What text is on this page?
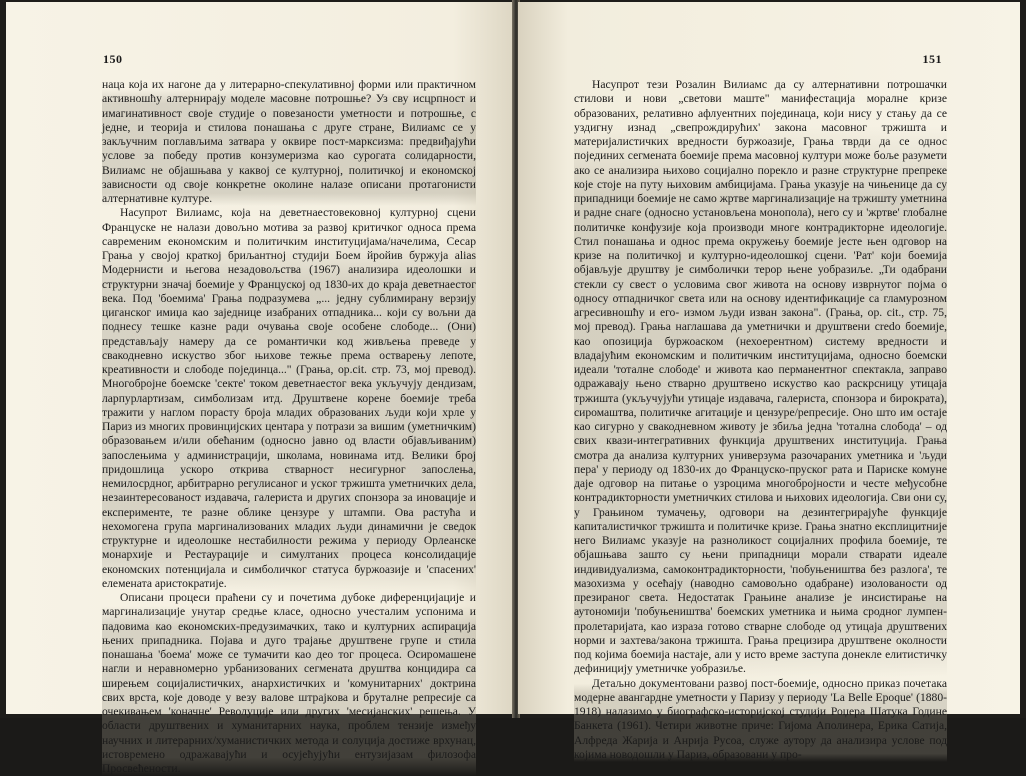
150

наца која их нагоне да у литерарно-спекулативној форми или практичном активношћу алтернирају моделе масовне потрошње? Уз сву исцрпност и имагинативност своје студије о повезаности уметности и потрошње, с једне, и теорија и стилова понашања с друге стране, Вилиамс се у закључним поглављима затвара у оквире пост-марксизма: предвиђајући услове за победу против конзумеризма као сурогата солидарности, Вилиамс не објашњава у каквој се културној, политичкој и економској зависности од своје конкретне околине налазе описани протагонисти алтернативне културе.

Насупрот Вилиамс, која на деветнаестовековној културној сцени Француске не налази довољно мотива за развој критичког односа према савременим економским и политичким институцијама/начелима, Сесар Грања у својој краткој бриљантној студији Боем йройив буржуја alias Модернисти и његова незадовољства (1967) анализира идеолошки и структурни значај боемије у Француској од 1830-их до краја деветнаестог века. Под 'боемима' Грања подразумева „... једну сублимирану верзију циганског имиџа као заједнице изабраних отпадника... који су вољни да поднесу тешке казне ради очувања своје особене слободе... (Они) представљају намеру да се романтички код живљења преведе у свакодневно искуство због њихове тежње према остварењу лепоте, креативности и слободе појединца..." (Грања, op.cit. стр. 73, мој превод). Многобројне боемске 'секте' током деветнаестог века укључују дендизам, ларпурлартизам, симболизам итд. Друштвене корене боемије треба тражити у наглом порасту броја младих образованих људи који хрле у Париз из многих провинцијских центара у потрази за вишим (уметничким) образовањем и/или обећаним (односно јавно од власти објављиваним) запослењима у администрацији, школама, новинама итд. Велики број придошлица ускоро открива стварност несигурног запослења, немилосрдног, арбитрарно регулисаног и уског тржишта уметничких дела, незаинтересованост издавача, галериста и других спонзора за иновације и експерименте, те разне облике цензуре у штампи. Ова растућа и нехомогена група маргинализованих младих људи динамични је сведок структурне и идеолошке нестабилности режима у периоду Орлеанске монархије и Рестаурације и симултаних процеса консолидације економских потенцијала и симболичког статуса буржоазије и 'спасених' елемената аристократије.

Описани процеси праћени су и почетима дубоке диференцијације и маргинализације унутар средње класе, односно учесталим успонима и падовима као економских-предузимачких, тако и културних аспирација њених припадника. Појава и дуго трајање друштвене групе и стила понашања 'боема' може се тумачити као део тог процеса. Осиромашене нагли и неравномерно урбанизованих сегмената друштва концидира са ширењем социјалистичких, анархистичких и 'комунитарних' доктрина свих врста, које доводе у везу валове штрајкова и бруталне репресије са очекивањем 'коначне' Револуције или других 'месијанских' решења. У области друштвених и хуманитарних наука, проблем тензије између научних и литерарних/хуманистичких метода и солуција достиже врхунац, истовремено одражавајући и осујећујући ентузијазам филозофа Просвећености.

151

Насупрот тези Розалин Вилиамс да су алтернативни потрошачки стилови и нови „светови маште" манифестација моралне кризе образованих, релативно афлуентних појединаца, који нису у стању да се уздигну изнад „свепрождирућих' закона масовног тржишта и материјалистичких вредности буржоазије, Грања тврди да се однос појединих сегмената боемије према масовној култури може боље разумети ако се анализира њихово социјално порекло и разне структурне препреке које стоје на путу њиховим амбицијама. Грања указује на чињенице да су припадници боемије не само жртве маргинализације на тржишту уметнина и радне снаге (односно установљена монопола), него су и 'жртве' глобалне политичке конфузије која производи многе контрадикторне идеологије. Стил понашања и однос према окружењу боемије јесте њен одговор на кризе на политичкој и културно-идеолошкој сцени. 'Рат' који боемија објављује друштву је симболички терор њене уобразиље. „Ти одабрани стекли су свест о условима свог живота на основу изврнутог појма о односу отпадничког света или на основу идентификације са гламурозном агресивношћу и его- измом људи изван закона". (Грања, op. cit., стр. 75, мој превод). Грања наглашава да уметнички и друштвени credo боемије, као опозиција буржоаском (нехоерентном) систему вредности и владајућим економским и политичким институцијама, односно боемски идеали 'тоталне слободе' и живота као перманентног спектакла, заправо одражавају њено стварно друштвено искуство као раскрсницу утицаја тржишта (укључујући утицаје издавача, галериста, спонзора и бирократа), сиромаштва, политичке агитације и цензуре/репресије. Оно што им остаје као сигурно у свакодневном животу је збиља једна 'тотална слобода' – од свих квази-интегративних функција друштвених институција. Грања смотра да анализа културних универзума разочараних уметника и 'људи пера' у периоду од 1830-их до Француско-пруског рата и Париске комуне даје одговор на питање о узроцима многобројности и честе међусобне контрадикторности уметничких стилова и њихових идеологија. Сви они су, у Грањином тумачењу, одговори на дезинтегрирајуће функције капиталистичког тржишта и политичке кризе. Грања знатно експлицитније него Вилиамс указује на разноликост социјалних профила боемије, те објашњава зашто су њени припадници морали стварати идеале индивидуализма, самоконтрадикторности, 'побуњеништва без разлога', те мазохизма у осећају (наводно самовољно одабране) изолованости од презираног света. Недостатак Грањине анализе је инсистирање на аутономији 'побуњеништва' боемских уметника и њима сродног лумпен-пролетаријата, као израза готово стварне слободе од утицаја друштвених норми и захтева/закона тржишта. Грања прецизира друштвене околности под којима боемија настаје, али у исто време заступа донекле елитистичку дефиницију уметничке уобразиље.

Детаљно документовани развој пост-боемије, односно приказ почетака модерне авангардне уметности у Паризу у периоду 'La Belle Epoque' (1880-1918) налазимо у биографско-историјској студији Роџера Шатука Године Банкета (1961). Четири животне приче: Гијома Аполинера, Ерика Сатија, Алфреда Жарија и Анрија Русоа, служе аутору да анализира услове под којима новодошли у Париз, образовани у про-
